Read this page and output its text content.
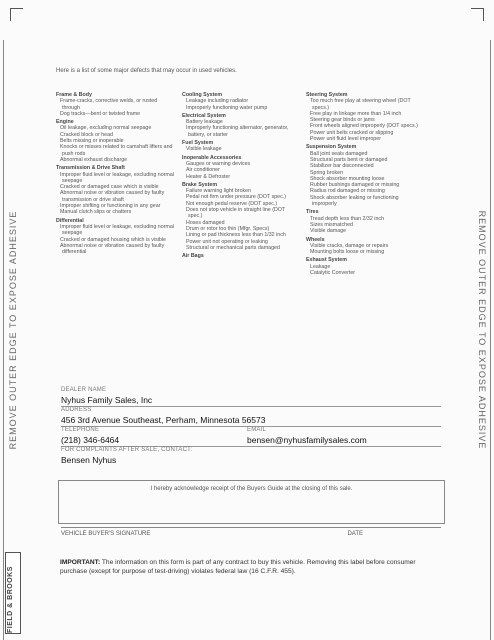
REMOVE OUTER EDGE TO EXPOSE ADHESIVE	REMOVE OUTER EDGE TO EXPOSE ADHESIVE
FIELD & BROOKS
Here is a list of some major defects that may occur in used vehicles.
Frame & Body
Frame-cracks, corrective welds, or rusted through
Dog tracks—bent or twisted frame
Engine
Oil leakage, excluding normal seepage
Cracked block or head
Belts missing or inoperable
Knocks or misses related to camshaft lifters and push rods
Abnormal exhaust discharge
Transmission & Drive Shaft
Improper fluid level or leakage, excluding normal seepage
Cracked or damaged case which is visible
Abnormal noise or vibration caused by faulty transmission or drive shaft
Improper shifting or functioning in any gear
Manual clutch slips or chatters
Differential
Improper fluid level or leakage, excluding normal seepage
Cracked or damaged housing which is visible
Abnormal noise or vibration caused by faulty differential
Cooling System
Leakage including radiator
Improperly functioning water pump
Electrical System
Battery leakage
Improperly functioning alternator, generator, battery, or starter
Fuel System
Visible leakage
Inoperable Accessories
Gauges or warning devices
Air conditioner
Heater & Defroster
Brake System
Failure warning light broken
Pedal not firm under pressure (DOT spec.)
Not enough pedal reserve (DOT spec.)
Does not stop vehicle in straight line (DOT spec.)
Hoses damaged
Drum or rotor too thin (Mfgr. Specs)
Lining or pad thickness less than 1/32 inch
Power unit not operating or leaking
Structural or mechanical parts damaged
Air Bags
Steering System
Too much free play at steering wheel (DOT specs.)
Free play in linkage more than 1/4 inch
Steering gear binds or jams
Front wheels aligned improperly (DOT specs.)
Power unit belts cracked or slipping
Power unit fluid level improper
Suspension System
Ball joint seals damaged
Structural parts bent or damaged
Stabilizer bar disconnected
Spring broken
Shock absorber mounting loose
Rubber bushings damaged or missing
Radius rod damaged or missing
Shock absorber leaking or functioning improperly
Tires
Tread depth less than 2/32 inch
Sizes mismatched
Visible damage
Wheels
Visible cracks, damage or repairs
Mounting bolts loose or missing
Exhaust System
Leakage
Catalytic Converter
DEALER NAME
Nyhus Family Sales, Inc
ADDRESS
456 3rd Avenue Southeast, Perham, Minnesota 56573
TELEPHONE
(218) 346-6464
EMAIL
bensen@nyhusfamilysales.com
FOR COMPLAINTS AFTER SALE, CONTACT:
Bensen Nyhus
I hereby acknowledge receipt of the Buyers Guide at the closing of this sale.
VEHICLE BUYER'S SIGNATURE	DATE
IMPORTANT: The information on this form is part of any contract to buy this vehicle. Removing this label before consumer purchase (except for purpose of test-driving) violates federal law (16 C.F.R. 455).
